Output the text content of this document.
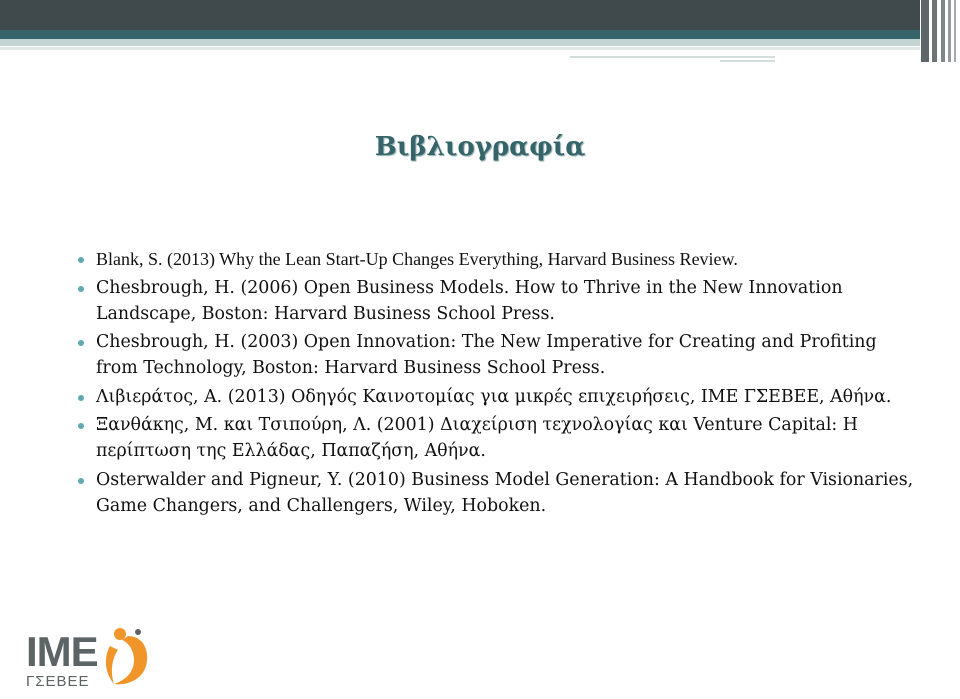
Βιβλιογραφία
Blank, S. (2013) Why the Lean Start-Up Changes Everything, Harvard Business Review.
Chesbrough, H. (2006) Open Business Models. How to Thrive in the New Innovation Landscape, Boston: Harvard Business School Press.
Chesbrough, H. (2003) Open Innovation: The New Imperative for Creating and Profiting from Technology, Boston: Harvard Business School Press.
Λιβιεράτος, Α. (2013) Οδηγός Καινοτομίας για μικρές επιχειρήσεις, ΙΜΕ ΓΣΕΒΕΕ, Αθήνα.
Ξανθάκης, Μ. και Τσιπούρη, Λ. (2001) Διαχείριση τεχνολογίας και Venture Capital: Η περίπτωση της Ελλάδας, Παπαζήση, Αθήνα.
Osterwalder and Pigneur, Y. (2010) Business Model Generation: A Handbook for Visionaries, Game Changers, and Challengers, Wiley, Hoboken.
ΙΜΕ
ΓΣΕΒΕΕ
